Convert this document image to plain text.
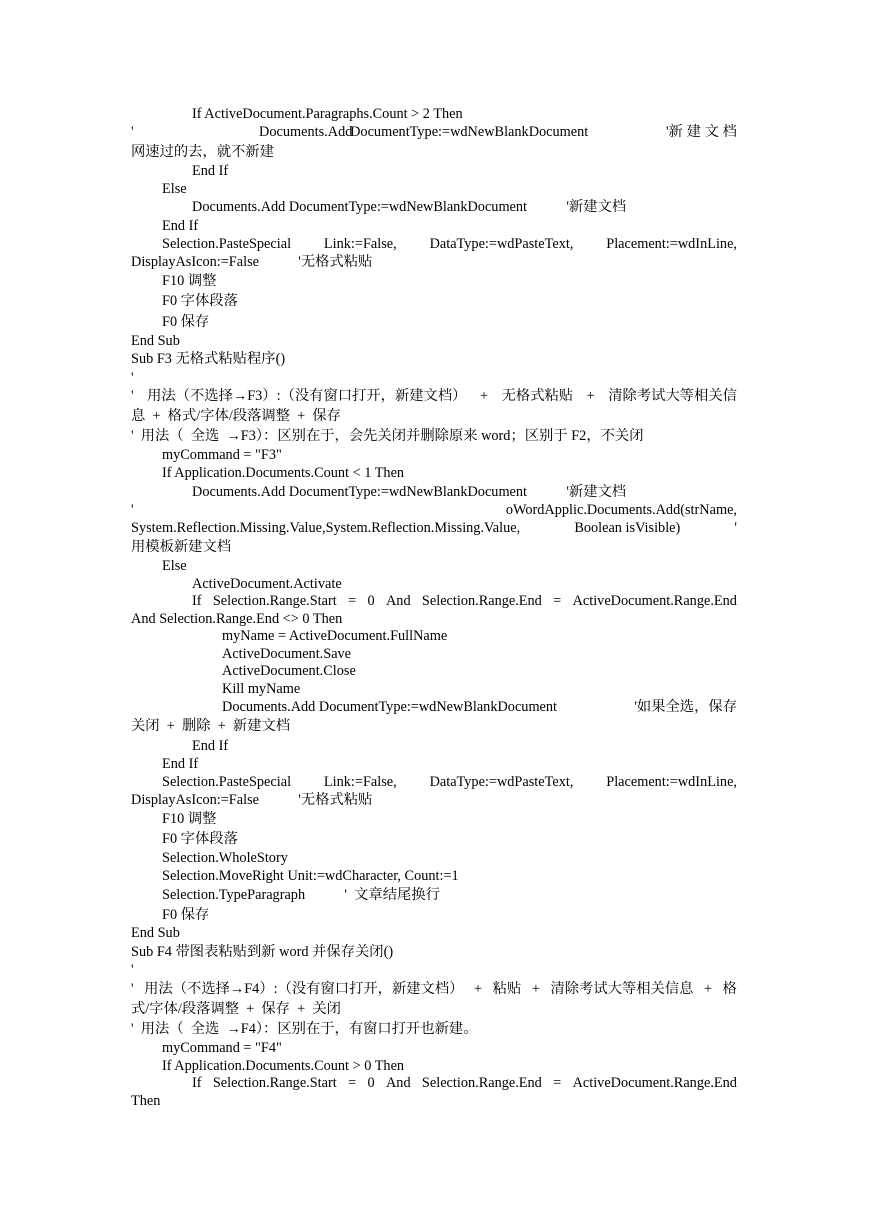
If ActiveDocument.Paragraphs.Count > 2 Then
'	Documents.Add
DocumentType:=wdNewBlankDocument	'新 建 文 档
网速过的去，就不新建
End If
Else
Documents.Add DocumentType:=wdNewBlankDocument           '新建文档
End If
Selection.PasteSpecial Link:=False, DataType:=wdPasteText, Placement:=wdInLine,
DisplayAsIcon:=False           '无格式粘贴
F10 调整
F0 字体段落
F0 保存
End Sub
Sub F3 无格式粘贴程序()
'
' 用法（不选择→F3）:（没有窗口打开，新建文档） + 无格式粘贴 + 清除考试大等相关信
息  +  格式/字体/段落调整  +  保存
'  用法（  全选  →F3）：区别在于，会先关闭并删除原来 word；区别于 F2，不关闭
myCommand = "F3"
If Application.Documents.Count < 1 Then
Documents.Add DocumentType:=wdNewBlankDocument           '新建文档
'	oWordApplic.Documents.Add(strName,
System.Reflection.Missing.Value,System.Reflection.Missing.Value,	Boolean isVisible)	'
用模板新建文档
Else
ActiveDocument.Activate
If Selection.Range.Start = 0 And Selection.Range.End = ActiveDocument.Range.End
And Selection.Range.End <> 0 Then
myName = ActiveDocument.FullName
ActiveDocument.Save
ActiveDocument.Close
Kill myName
Documents.Add DocumentType:=wdNewBlankDocument	'如果全选，保存
关闭  +  删除  +  新建文档
End If
End If
Selection.PasteSpecial Link:=False, DataType:=wdPasteText, Placement:=wdInLine,
DisplayAsIcon:=False           '无格式粘贴
F10 调整
F0 字体段落
Selection.WholeStory
Selection.MoveRight Unit:=wdCharacter, Count:=1
Selection.TypeParagraph           '  文章结尾换行
F0 保存
End Sub
Sub F4 带图表粘贴到新 word 并保存关闭()
'
' 用法（不选择→F4）:（没有窗口打开，新建文档） + 粘贴 + 清除考试大等相关信息 + 格
式/字体/段落调整  +  保存  +  关闭
'  用法（  全选  →F4）：区别在于，有窗口打开也新建。
myCommand = "F4"
If Application.Documents.Count > 0 Then
If Selection.Range.Start = 0 And Selection.Range.End = ActiveDocument.Range.End
Then
